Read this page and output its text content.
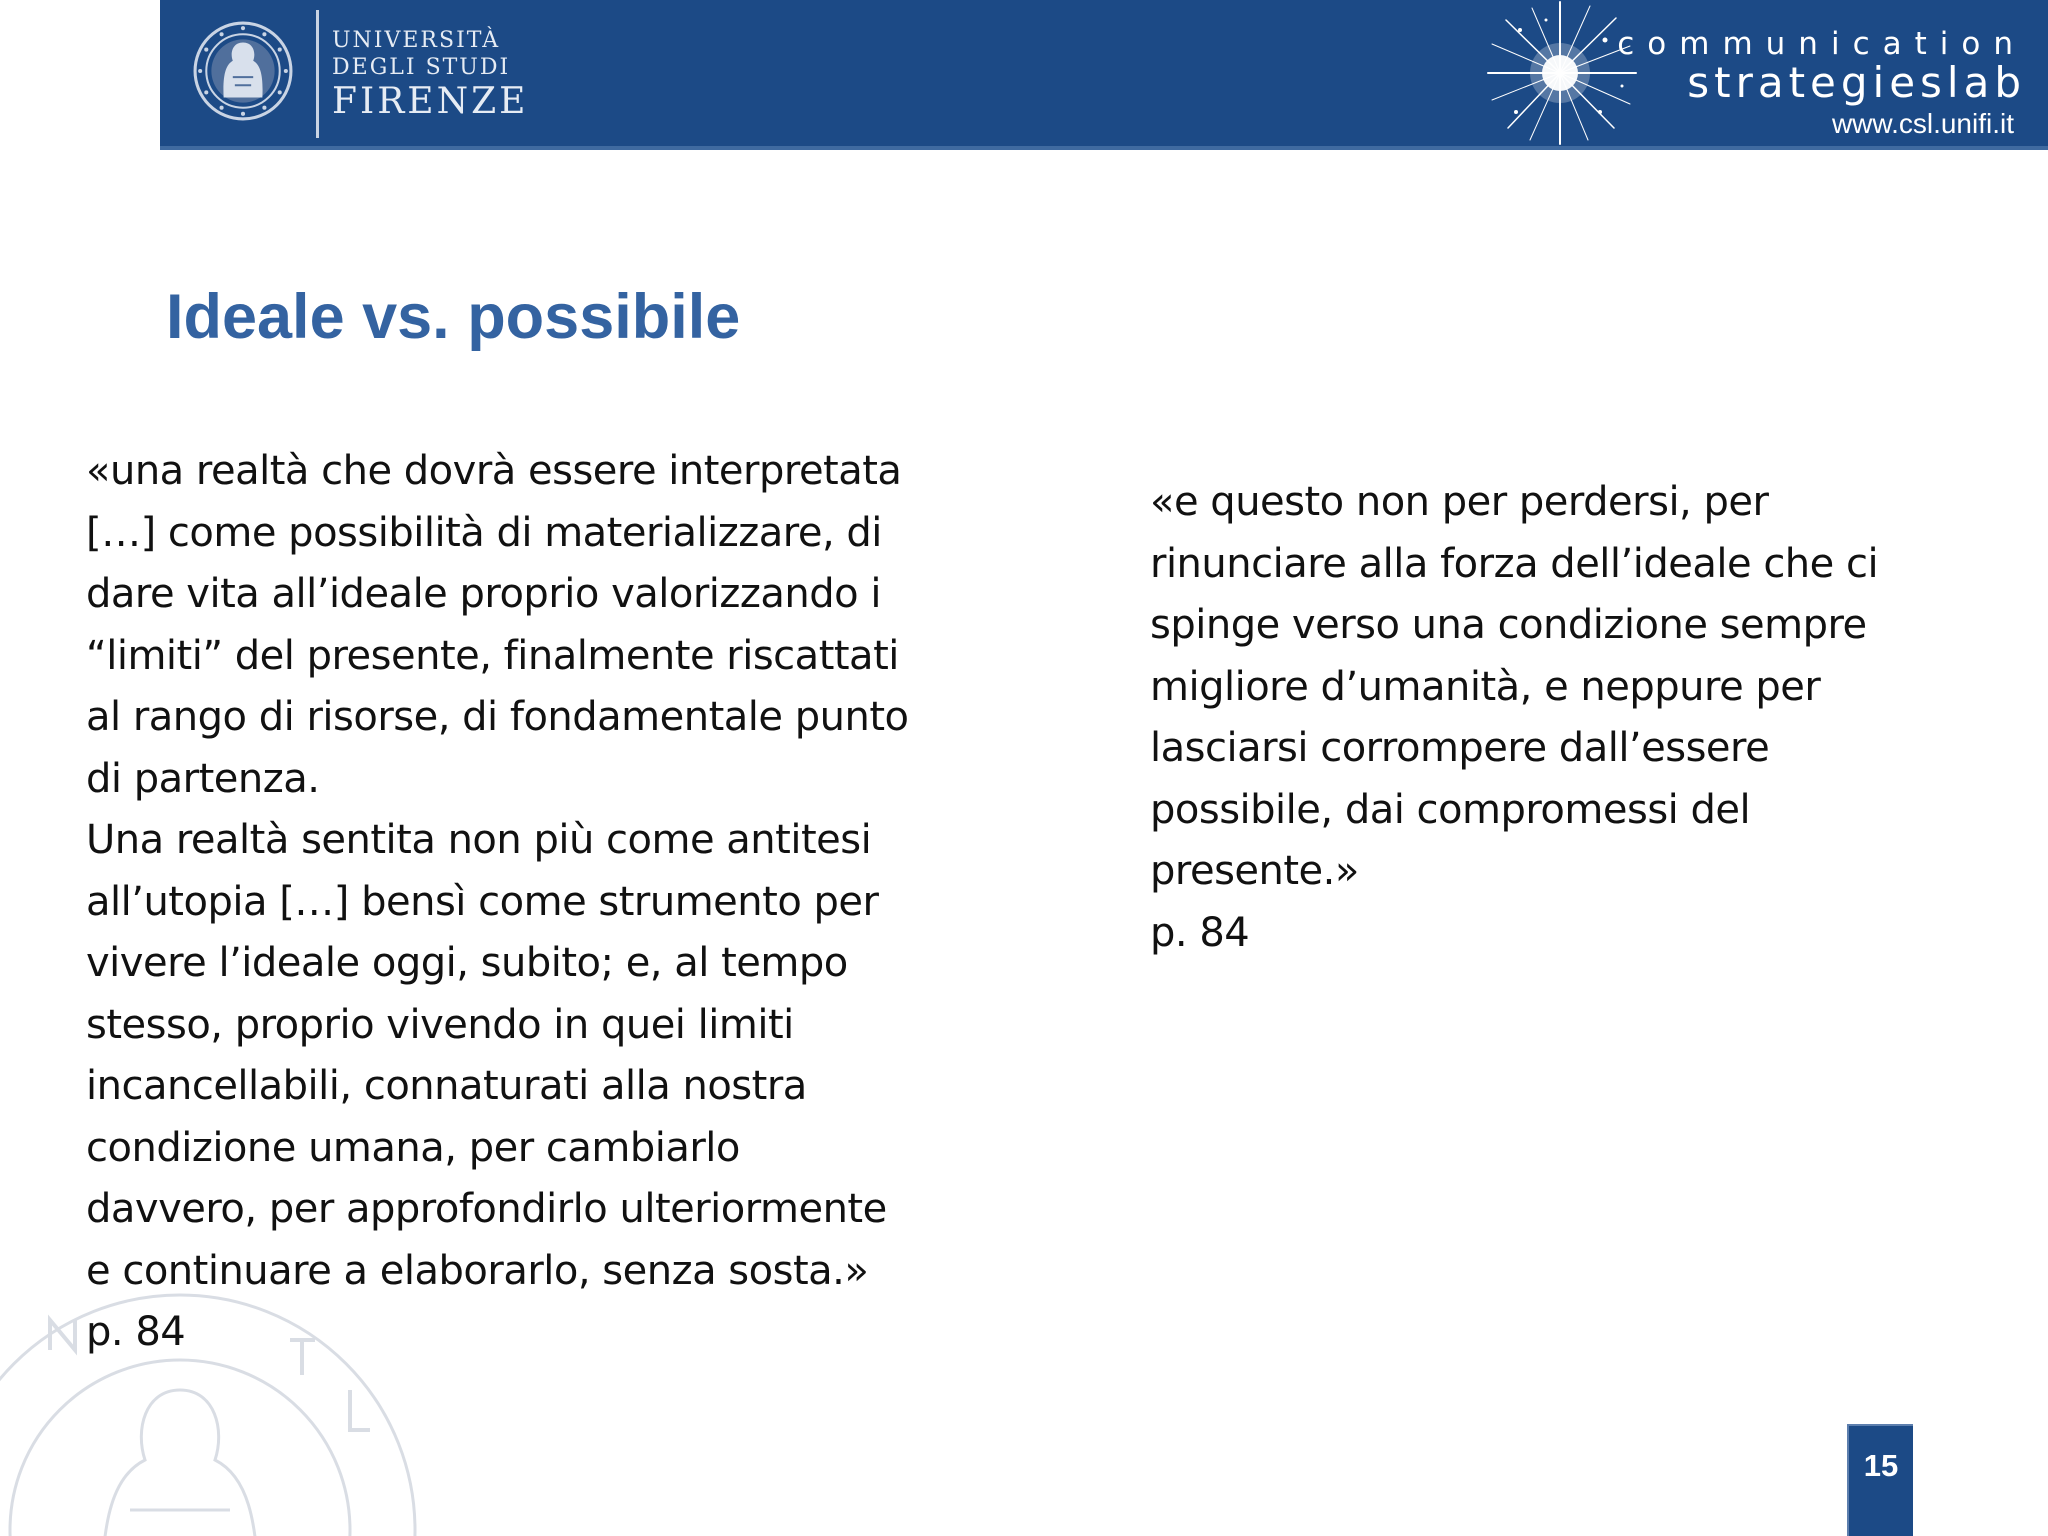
UNIVERSITÀ
DEGLI STUDI
FIRENZE
communication
strategieslab
www.csl.unifi.it
Ideale vs. possibile
«una realtà che dovrà essere interpretata
[…] come possibilità di materializzare, di
dare vita all’ideale proprio valorizzando i
“limiti” del presente, finalmente riscattati
al rango di risorse, di fondamentale punto
di partenza.
Una realtà sentita non più come antitesi
all’utopia […] bensì come strumento per
vivere l’ideale oggi, subito; e, al tempo
stesso, proprio vivendo in quei limiti
incancellabili, connaturati alla nostra
condizione umana, per cambiarlo
davvero, per approfondirlo ulteriormente
e continuare a elaborarlo, senza sosta.»
p. 84
«e questo non per perdersi, per
rinunciare alla forza dell’ideale che ci
spinge verso una condizione sempre
migliore d’umanità, e neppure per
lasciarsi corrompere dall’essere
possibile, dai compromessi del
presente.»
p. 84
15
